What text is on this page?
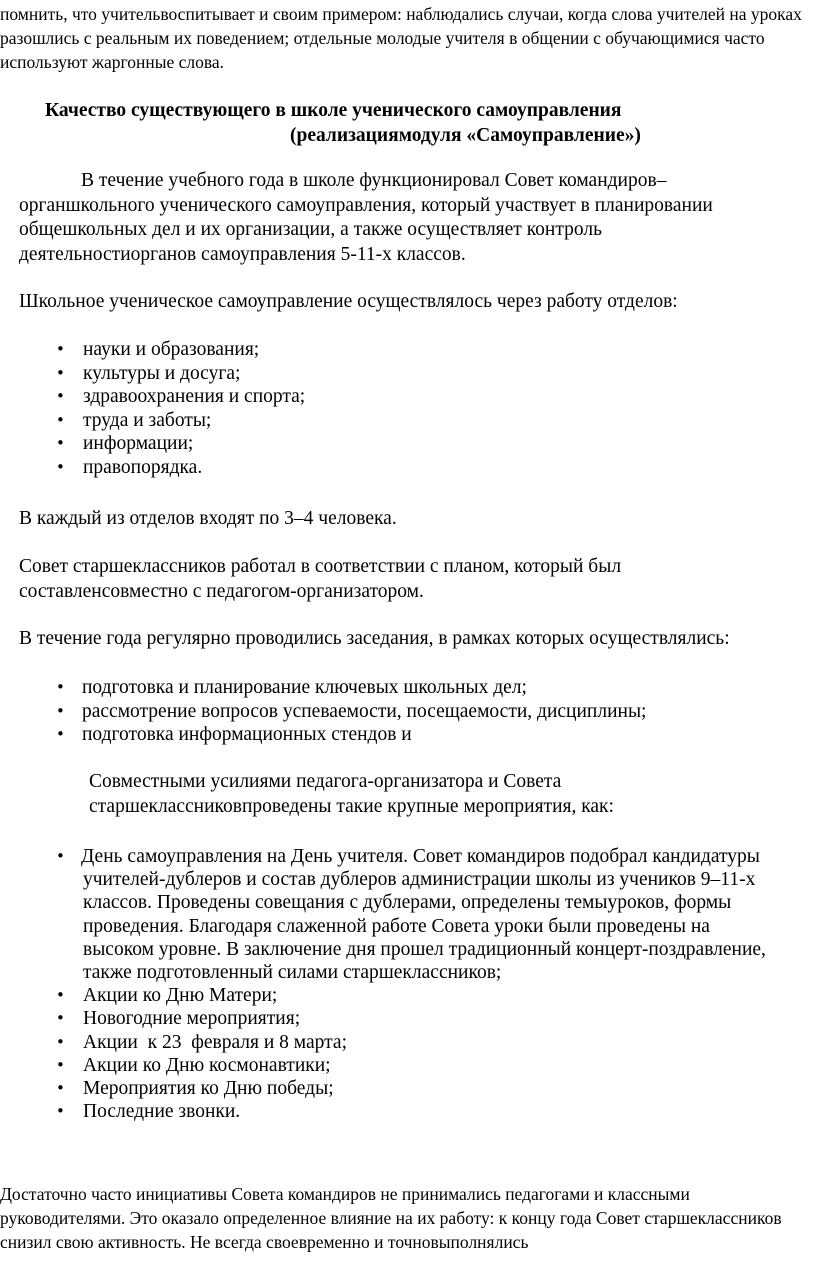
помнить, что учительвоспитывает и своим примером: наблюдались случаи, когда слова учителей на уроках разошлись с реальным их поведением; отдельные молодые учителя в общении с обучающимися часто используют жаргонные слова.

Качество существующего в школе ученического самоуправления
(реализациямодуля «Самоуправление»)

В течение учебного года в школе функционировал Совет командиров– органшкольного ученического самоуправления, который участвует в планировании общешкольных дел и их организации, а также осуществляет контроль деятельностиорганов самоуправления 5-11-х классов.

Школьное ученическое самоуправление осуществлялось через работу отделов:

• науки и образования;
• культуры и досуга;
• здравоохранения и спорта;
• труда и заботы;
• информации;
• правопорядка.

В каждый из отделов входят по 3–4 человека.

Совет старшеклассников работал в соответствии с планом, который был составленсовместно с педагогом-организатором.

В течение года регулярно проводились заседания, в рамках которых осуществлялись:

• подготовка и планирование ключевых школьных дел;
• рассмотрение вопросов успеваемости, посещаемости, дисциплины;
• подготовка информационных стендов и

Совместными усилиями педагога-организатора и Совета старшеклассниковпроведены такие крупные мероприятия, как:

• День самоуправления на День учителя. Совет командиров подобрал кандидатуры учителей-дублеров и состав дублеров администрации школы из учеников 9–11-х классов. Проведены совещания с дублерами, определены темыуроков, формы проведения. Благодаря слаженной работе Совета уроки были проведены на высоком уровне. В заключение дня прошел традиционный концерт-поздравление, также подготовленный силами старшеклассников;
• Акции ко Дню Матери;
• Новогодние мероприятия;
• Акции  к 23  февраля и 8 марта;
• Акции ко Дню космонавтики;
• Мероприятия ко Дню победы;
• Последние звонки.

Достаточно часто инициативы Совета командиров не принимались педагогами и классными руководителями. Это оказало определенное влияние на их работу: к концу года Совет старшеклассников снизил свою активность. Не всегда своевременно и точновыполнялись
